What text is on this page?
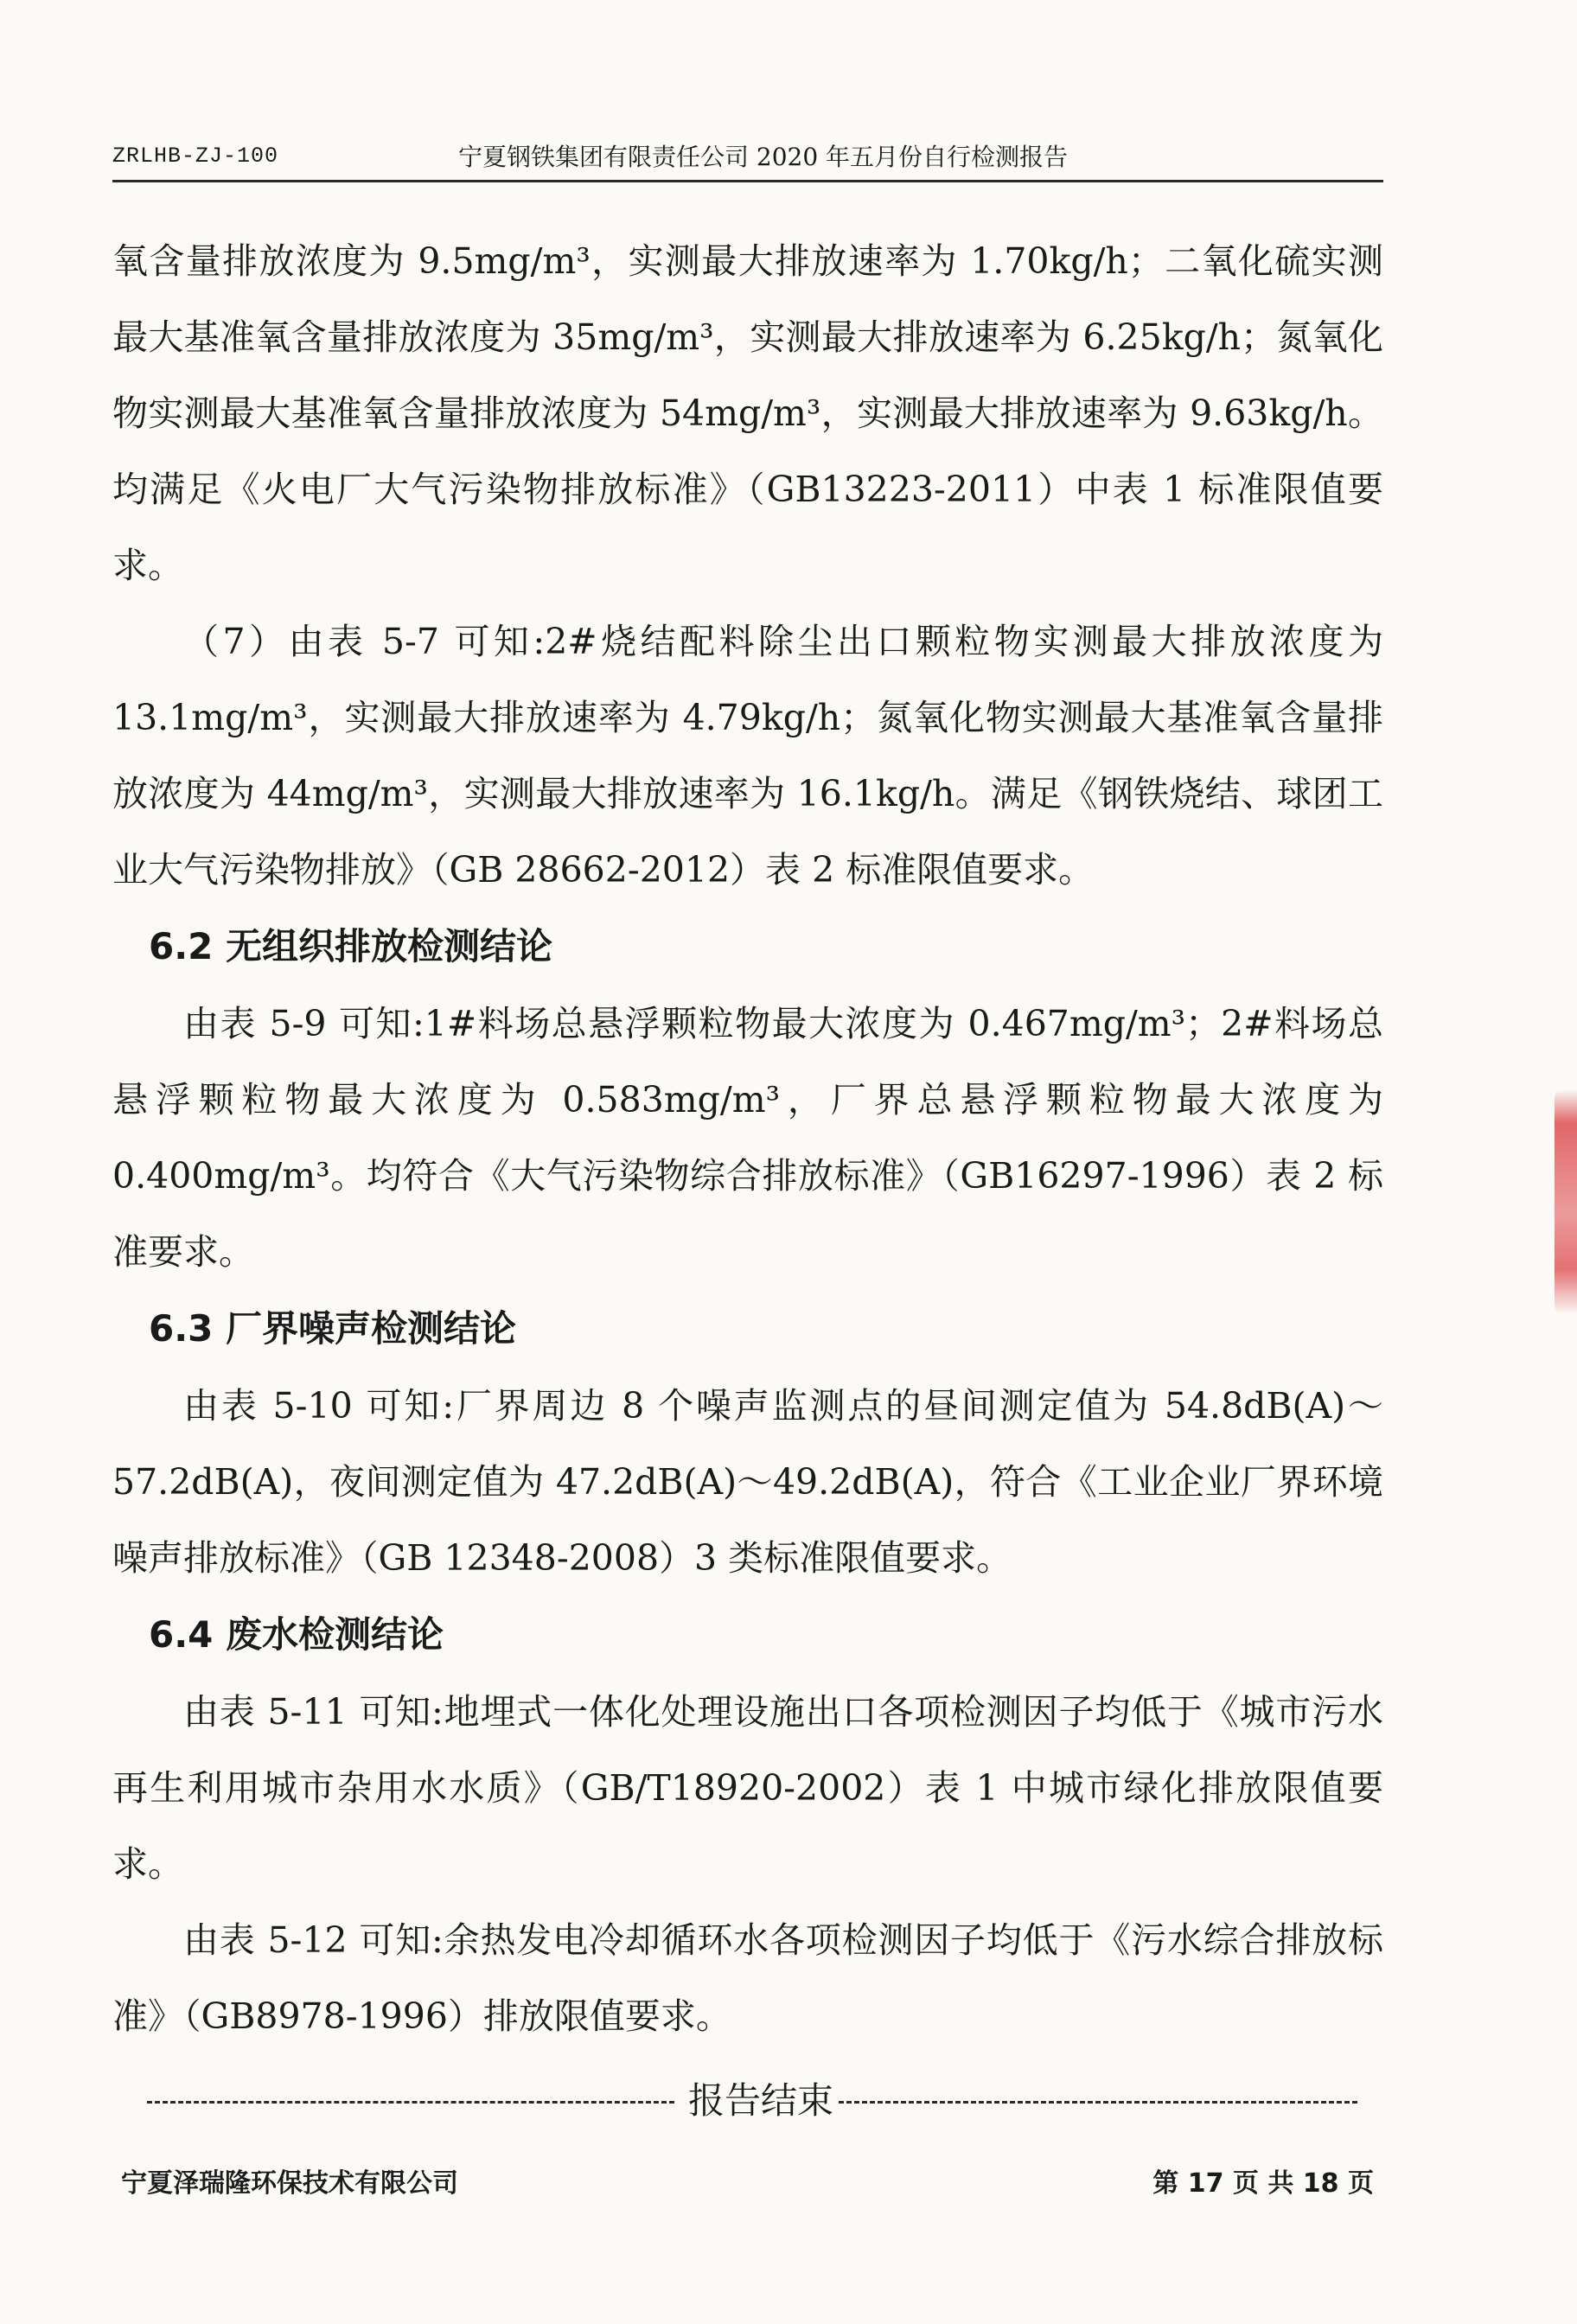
ZRLHB-ZJ-100	宁夏钢铁集团有限责任公司 2020 年五月份自行检测报告

氧含量排放浓度为 9.5mg/m³，实测最大排放速率为 1.70kg/h；二氧化硫实测最大基准氧含量排放浓度为 35mg/m³，实测最大排放速率为 6.25kg/h；氮氧化物实测最大基准氧含量排放浓度为 54mg/m³，实测最大排放速率为 9.63kg/h。均满足《火电厂大气污染物排放标准》（GB13223-2011）中表 1 标准限值要求。

（7）由表 5-7 可知:2#烧结配料除尘出口颗粒物实测最大排放浓度为 13.1mg/m³，实测最大排放速率为 4.79kg/h；氮氧化物实测最大基准氧含量排放浓度为 44mg/m³，实测最大排放速率为 16.1kg/h。满足《钢铁烧结、球团工业大气污染物排放》（GB 28662-2012）表 2 标准限值要求。

6.2 无组织排放检测结论

由表 5-9 可知:1#料场总悬浮颗粒物最大浓度为 0.467mg/m³；2#料场总悬浮颗粒物最大浓度为 0.583mg/m³，厂界总悬浮颗粒物最大浓度为 0.400mg/m³。均符合《大气污染物综合排放标准》（GB16297-1996）表 2 标准要求。

6.3 厂界噪声检测结论

由表 5-10 可知:厂界周边 8 个噪声监测点的昼间测定值为 54.8dB(A)～57.2dB(A)，夜间测定值为 47.2dB(A)～49.2dB(A)，符合《工业企业厂界环境噪声排放标准》（GB 12348-2008）3 类标准限值要求。

6.4 废水检测结论

由表 5-11 可知:地埋式一体化处理设施出口各项检测因子均低于《城市污水再生利用城市杂用水水质》（GB/T18920-2002）表 1 中城市绿化排放限值要求。

由表 5-12 可知:余热发电冷却循环水各项检测因子均低于《污水综合排放标准》（GB8978-1996）排放限值要求。

报告结束
宁夏泽瑞隆环保技术有限公司	第 17 页 共 18 页
